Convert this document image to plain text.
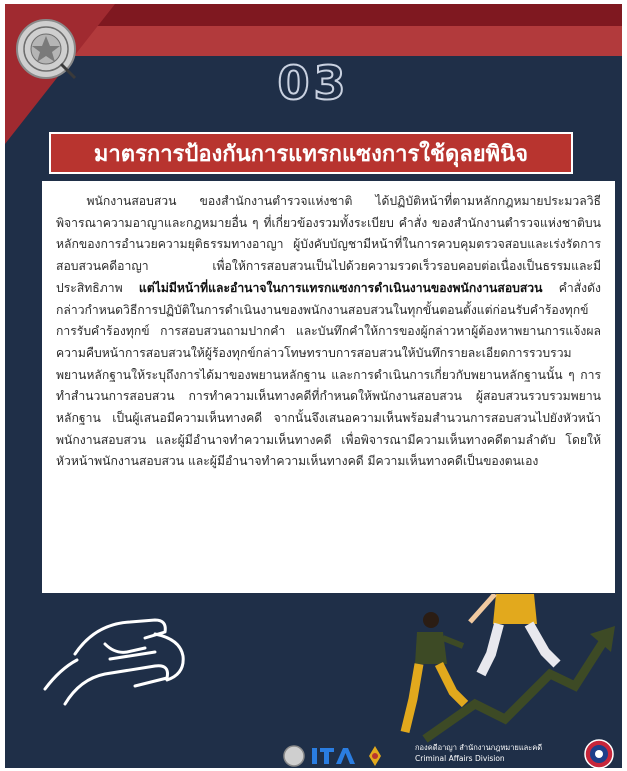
03
มาตรการป้องกันการแทรกแซงการใช้ดุลยพินิจ

พนักงานสอบสวน ของสำนักงานตำรวจแห่งชาติ ได้ปฏิบัติหน้าที่ตามหลักกฎหมายประมวลวิธีพิจารณาความอาญาและกฎหมายอื่น ๆ ที่เกี่ยวข้องรวมทั้งระเบียบ คำสั่ง ของสำนักงานตำรวจแห่งชาติบนหลักของการอำนวยความยุติธรรมทางอาญา ผู้บังคับบัญชามีหน้าที่ในการควบคุมตรวจสอบและเร่งรัดการสอบสวนคดีอาญา เพื่อให้การสอบสวนเป็นไปด้วยความรวดเร็วรอบคอบต่อเนื่องเป็นธรรมและมีประสิทธิภาพ แต่ไม่มีหน้าที่และอำนาจในการแทรกแซงการดำเนินงานของพนักงานสอบสวน คำสั่งดังกล่าวกำหนดวิธีการปฏิบัติในการดำเนินงานของพนักงานสอบสวนในทุกขั้นตอนตั้งแต่ก่อนรับคำร้องทุกข์ การรับคำร้องทุกข์ การสอบสวนถามปากคำ และบันทึกคำให้การของผู้กล่าวหาผู้ต้องหาพยานการแจ้งผลความคืบหน้าการสอบสวนให้ผู้ร้องทุกข์กล่าวโทษทราบการสอบสวนให้บันทึกรายละเอียดการรวบรวมพยานหลักฐานให้ระบุถึงการได้มาของพยานหลักฐาน และการดำเนินการเกี่ยวกับพยานหลักฐานนั้น ๆ การทำสำนวนการสอบสวน การทำความเห็นทางคดีที่กำหนดให้พนักงานสอบสวน ผู้สอบสวนรวบรวมพยานหลักฐาน เป็นผู้เสนอมีความเห็นทางคดี จากนั้นจึงเสนอความเห็นพร้อมสำนวนการสอบสวนไปยังหัวหน้าพนักงานสอบสวน และผู้มีอำนาจทำความเห็นทางคดี เพื่อพิจารณามีความเห็นทางคดีตามลำดับ โดยให้หัวหน้าพนักงานสอบสวน และผู้มีอำนาจทำความเห็นทางคดี มีความเห็นทางคดีเป็นของตนเอง

กองคดีอาญา สำนักงานกฎหมายและคดี
Criminal Affairs Division
